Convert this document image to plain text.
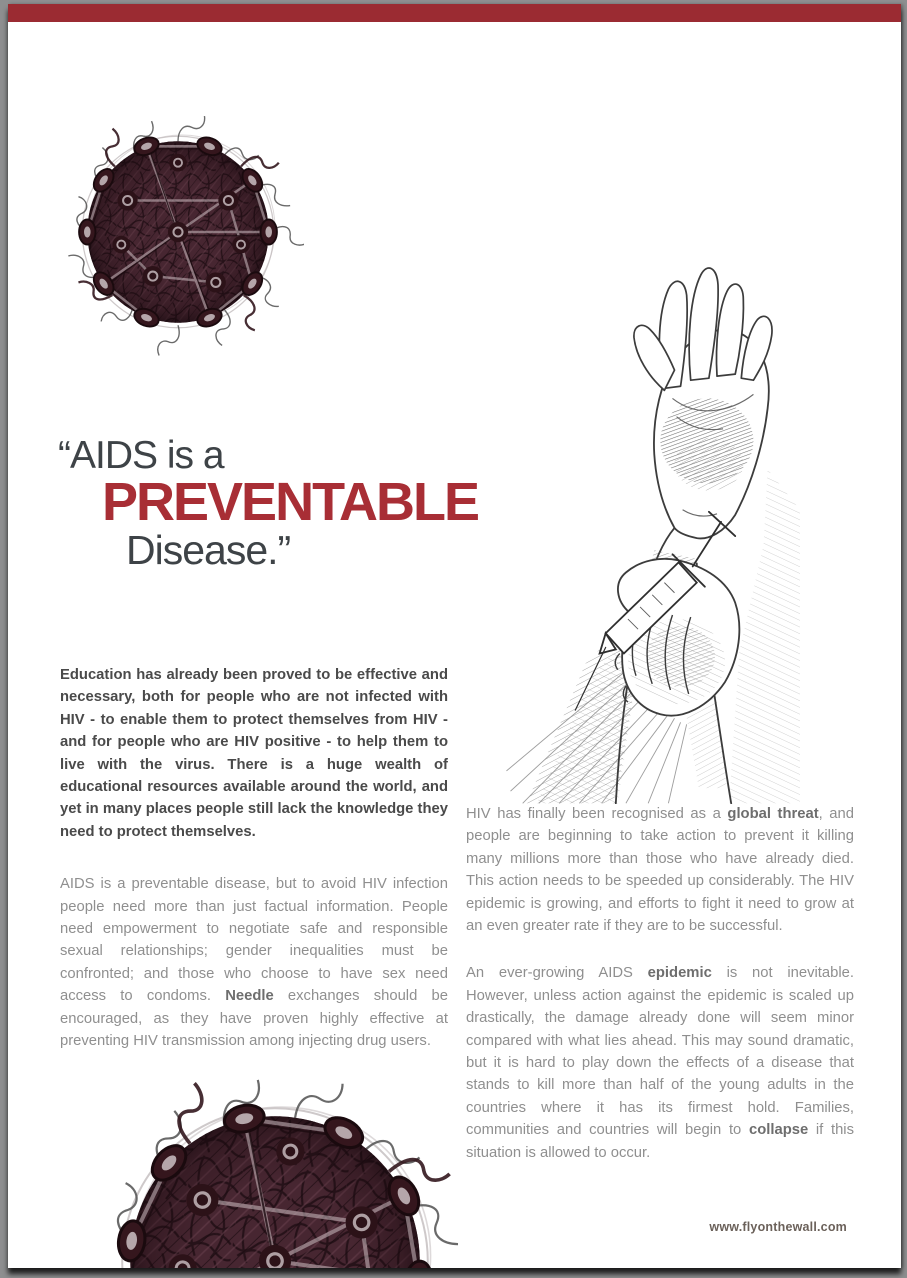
“AIDS is a
PREVENTABLE
Disease.”

Education has already been proved to be effective and necessary, both for people who are not infected with HIV - to enable them to protect themselves from HIV - and for people who are HIV positive - to help them to live with the virus. There is a huge wealth of educational resources available around the world, and yet in many places people still lack the knowledge they need to protect themselves.

AIDS is a preventable disease, but to avoid HIV infection people need more than just factual information. People need empowerment to negotiate safe and responsible sexual relationships; gender inequalities must be confronted; and those who choose to have sex need access to condoms. Needle exchanges should be encouraged, as they have proven highly effective at preventing HIV transmission among injecting drug users.

HIV has finally been recognised as a global threat, and people are beginning to take action to prevent it killing many millions more than those who have already died. This action needs to be speeded up considerably. The HIV epidemic is growing, and efforts to fight it need to grow at an even greater rate if they are to be successful.

An ever-growing AIDS epidemic is not inevitable. However, unless action against the epidemic is scaled up drastically, the damage already done will seem minor compared with what lies ahead. This may sound dramatic, but it is hard to play down the effects of a disease that stands to kill more than half of the young adults in the countries where it has its firmest hold. Families, communities and countries will begin to collapse if this situation is allowed to occur.

www.flyonthewall.com
